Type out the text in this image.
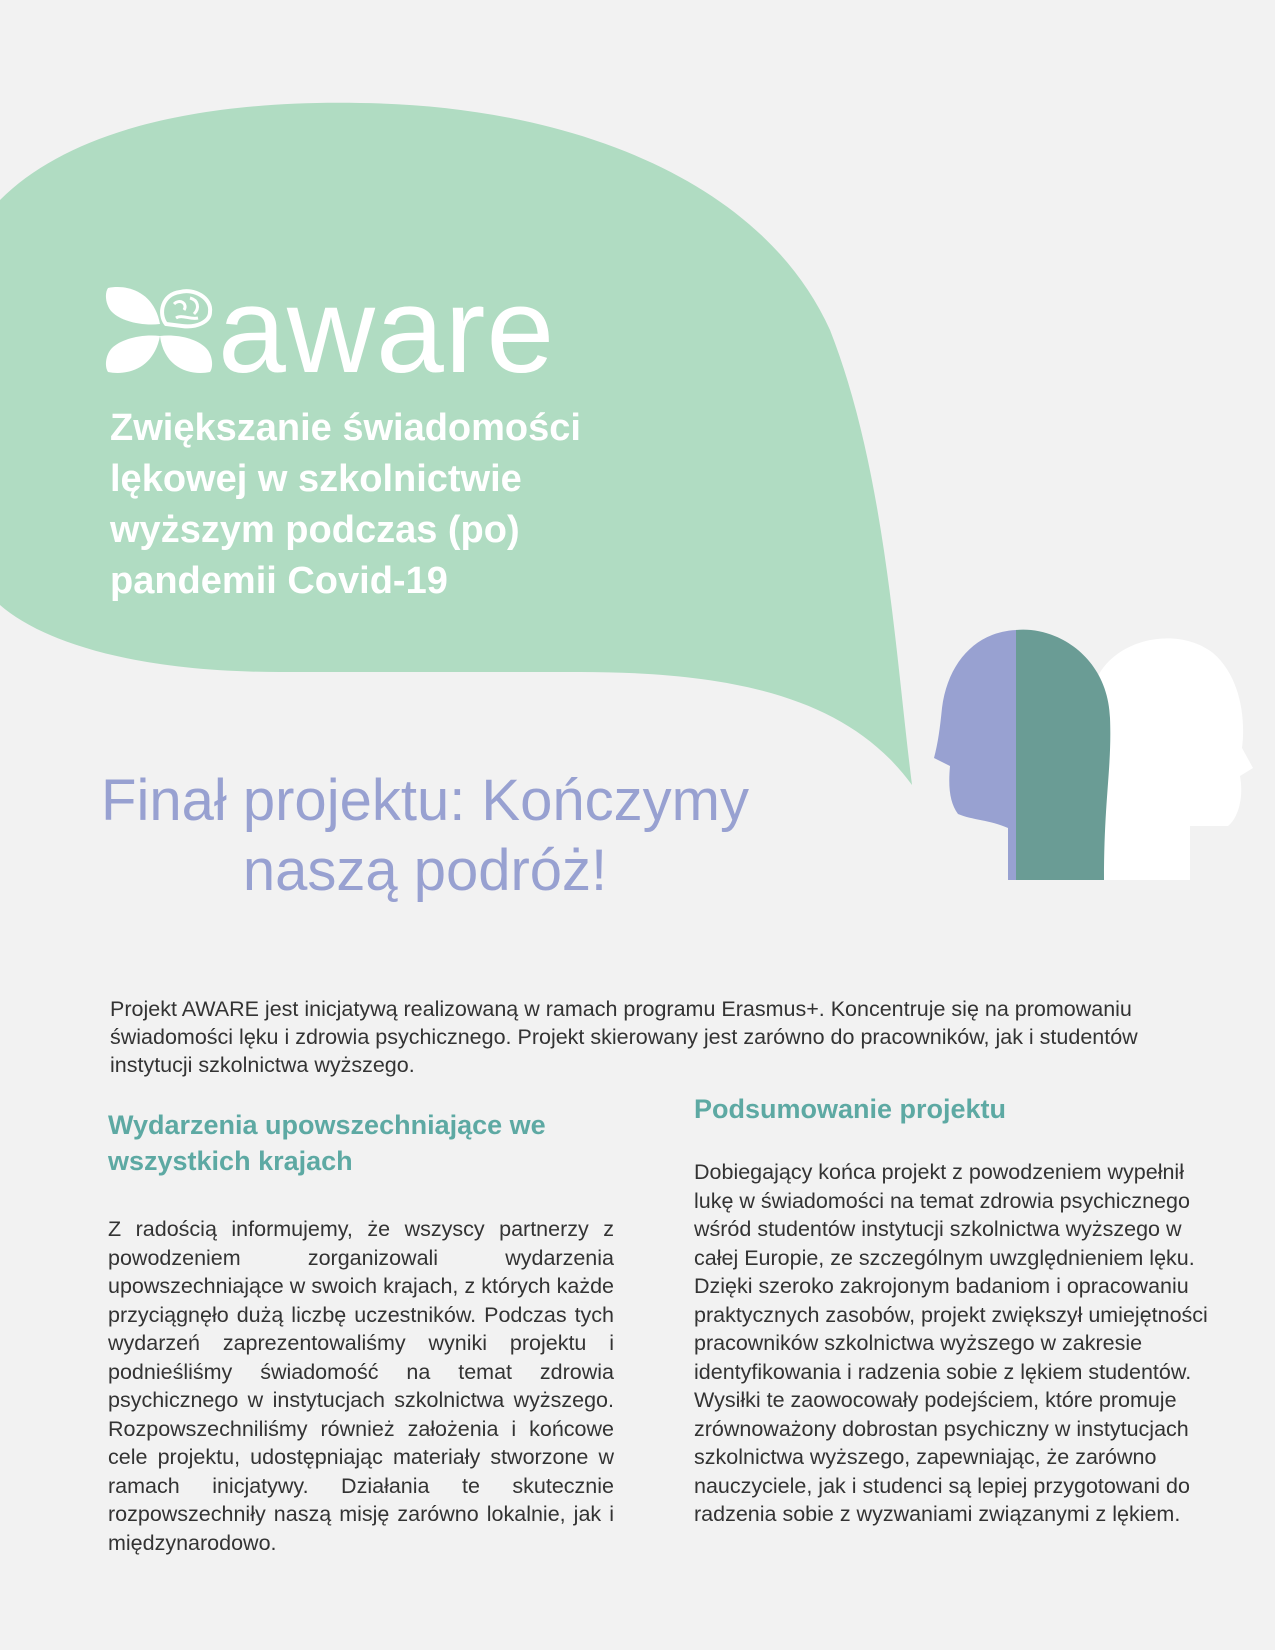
aware

Zwiększanie świadomości lękowej w szkolnictwie wyższym podczas (po) pandemii Covid-19

Finał projektu: Kończymy naszą podróż!

Projekt AWARE jest inicjatywą realizowaną w ramach programu Erasmus+. Koncentruje się na promowaniu świadomości lęku i zdrowia psychicznego. Projekt skierowany jest zarówno do pracowników, jak i studentów instytucji szkolnictwa wyższego.

Wydarzenia upowszechniające we wszystkich krajach

Z radością informujemy, że wszyscy partnerzy z powodzeniem zorganizowali wydarzenia upowszechniające w swoich krajach, z których każde przyciągnęło dużą liczbę uczestników. Podczas tych wydarzeń zaprezentowaliśmy wyniki projektu i podnieśliśmy świadomość na temat zdrowia psychicznego w instytucjach szkolnictwa wyższego. Rozpowszechniliśmy również założenia i końcowe cele projektu, udostępniając materiały stworzone w ramach inicjatywy. Działania te skutecznie rozpowszechniły naszą misję zarówno lokalnie, jak i międzynarodowo.

Podsumowanie projektu

Dobiegający końca projekt z powodzeniem wypełnił lukę w świadomości na temat zdrowia psychicznego wśród studentów instytucji szkolnictwa wyższego w całej Europie, ze szczególnym uwzględnieniem lęku. Dzięki szeroko zakrojonym badaniom i opracowaniu praktycznych zasobów, projekt zwiększył umiejętności pracowników szkolnictwa wyższego w zakresie identyfikowania i radzenia sobie z lękiem studentów. Wysiłki te zaowocowały podejściem, które promuje zrównoważony dobrostan psychiczny w instytucjach szkolnictwa wyższego, zapewniając, że zarówno nauczyciele, jak i studenci są lepiej przygotowani do radzenia sobie z wyzwaniami związanymi z lękiem.
